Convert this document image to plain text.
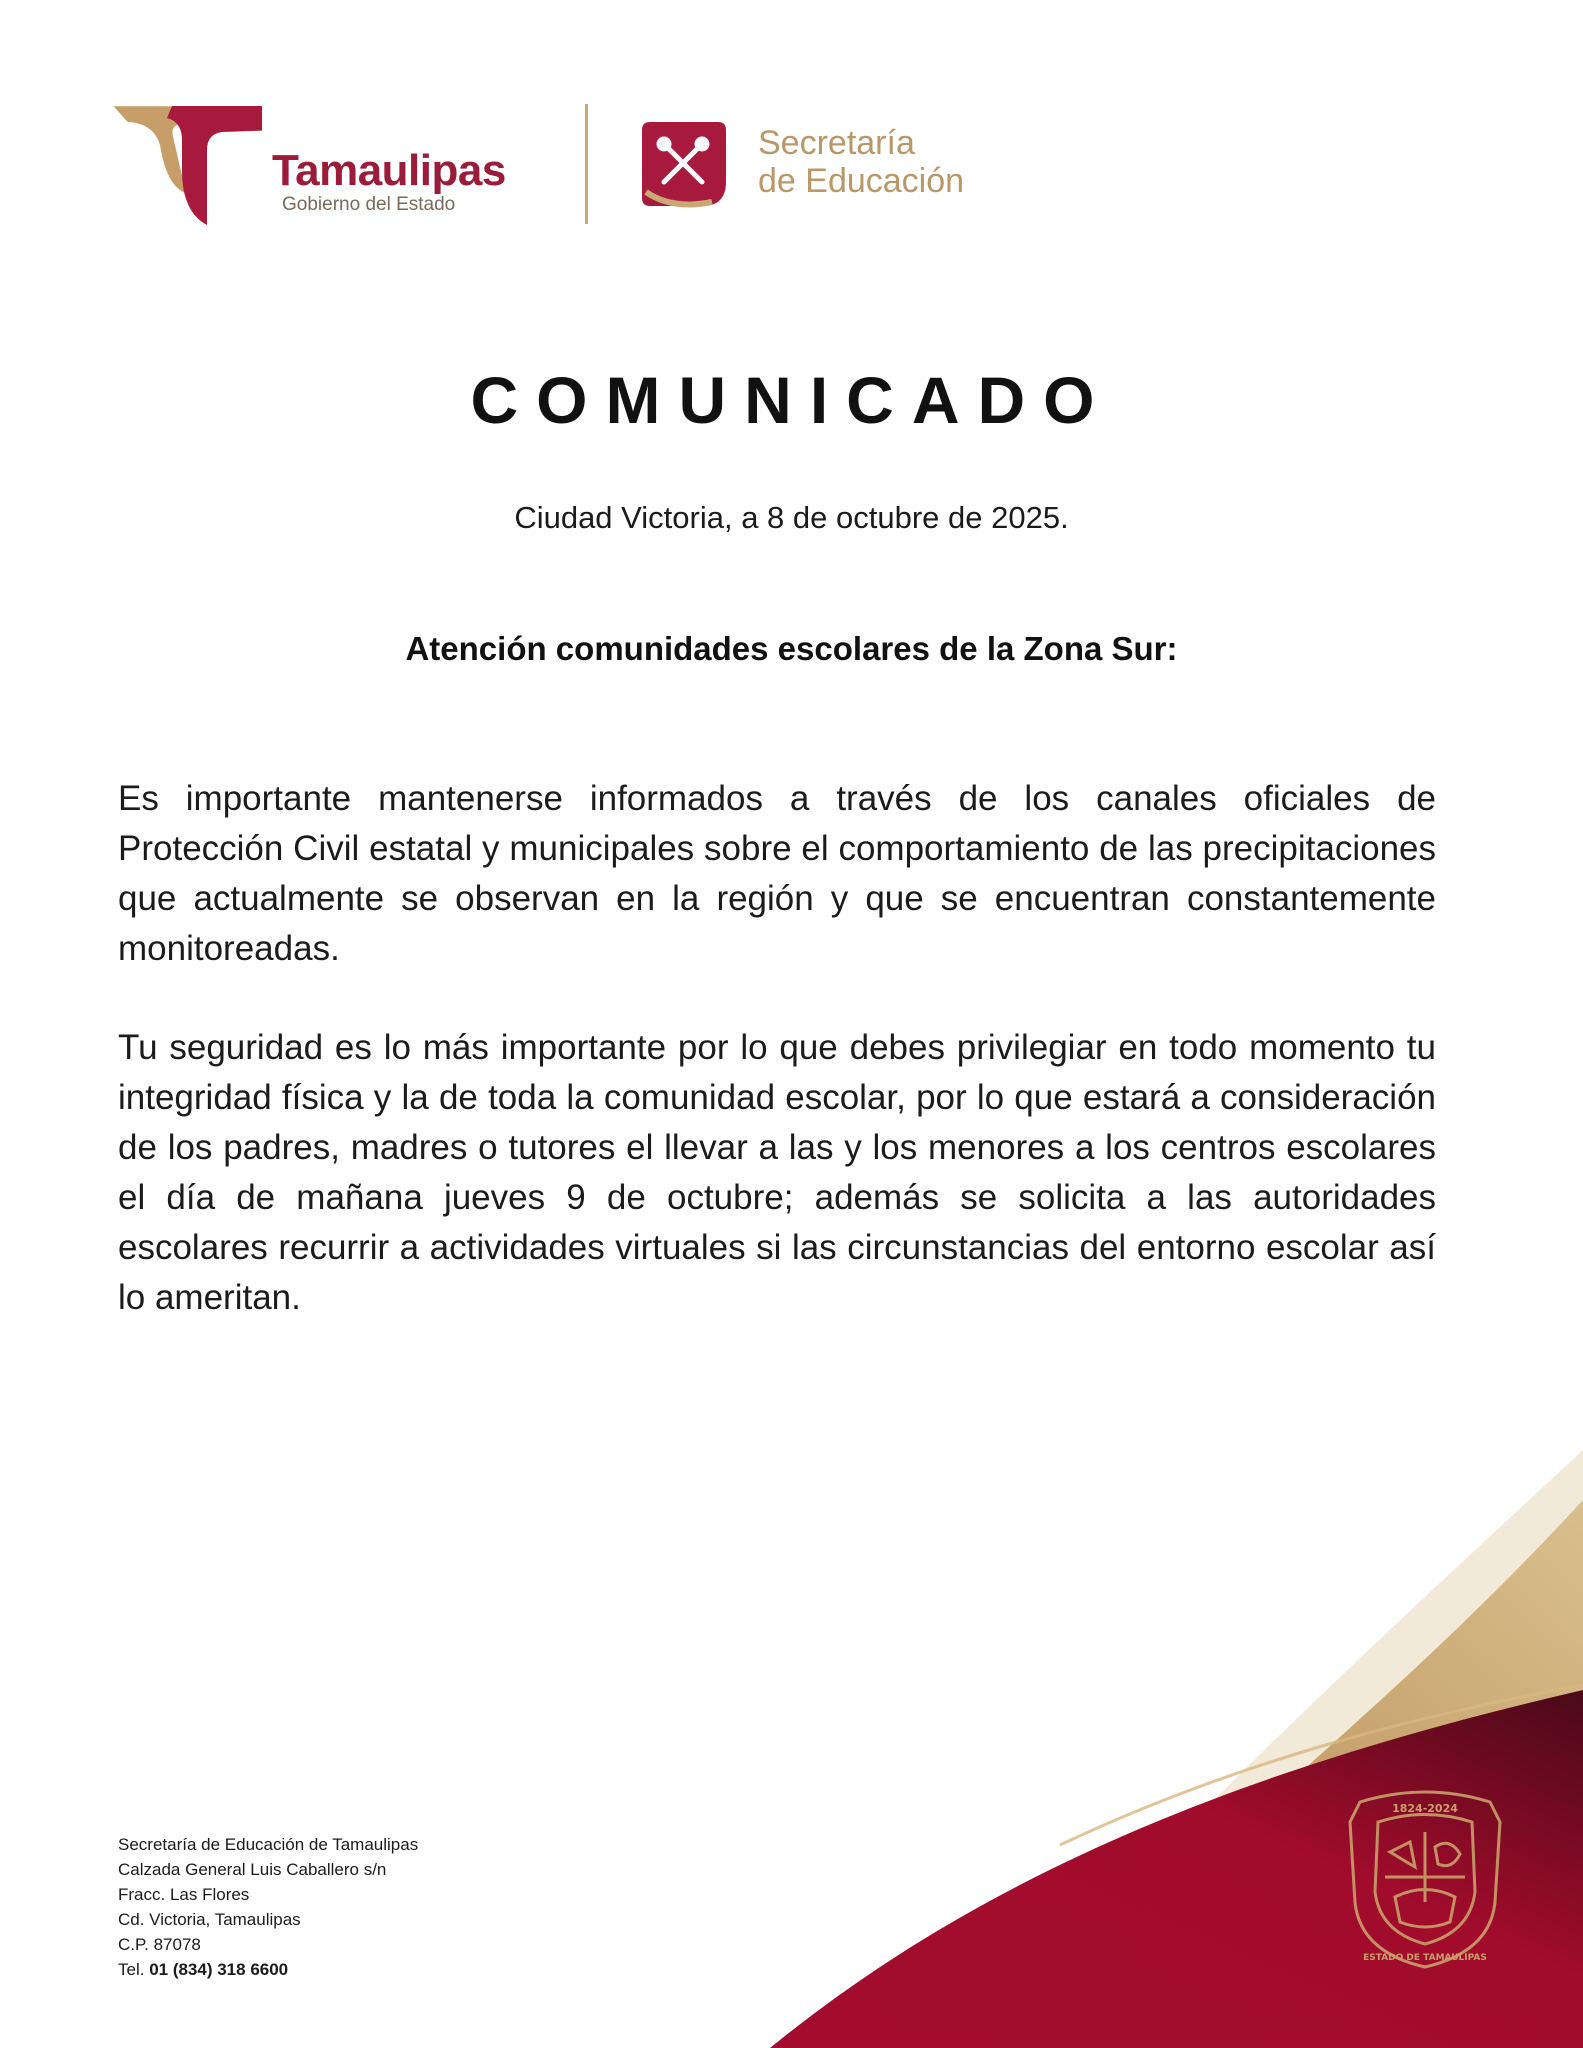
Tamaulipas
Gobierno del Estado
Secretaría
de Educación
COMUNICADO
Ciudad Victoria, a 8 de octubre de 2025.
Atención comunidades escolares de la Zona Sur:
Es importante mantenerse informados a través de los canales oficiales de Protección Civil estatal y municipales sobre el comportamiento de las precipitaciones que actualmente se observan en la región y que se encuentran constantemente monitoreadas.
Tu seguridad es lo más importante por lo que debes privilegiar en todo momento tu integridad física y la de toda la comunidad escolar, por lo que estará a consideración de los padres, madres o tutores el llevar a las y los menores a los centros escolares el día de mañana jueves 9 de octubre; además se solicita a las autoridades escolares recurrir a actividades virtuales si las circunstancias del entorno escolar así lo ameritan.
Secretaría de Educación de Tamaulipas
Calzada General Luis Caballero s/n
Fracc. Las Flores
Cd. Victoria, Tamaulipas
C.P. 87078
Tel. 01 (834) 318 6600
1824-2024
ESTADO DE TAMAULIPAS
